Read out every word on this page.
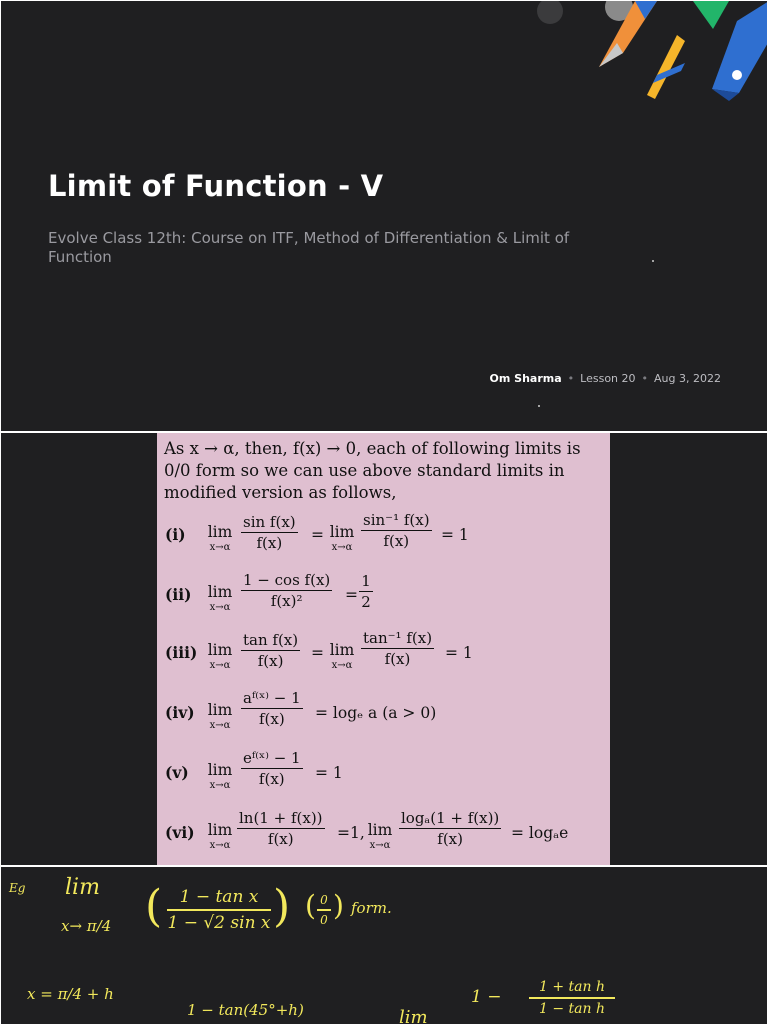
Limit of Function - V
Evolve Class 12th: Course on ITF, Method of Differentiation & Limit of Function
Om Sharma • Lesson 20 • Aug 3, 2022
As x → α, then, f(x) → 0, each of following limits is 0/0 form so we can use above standard limits in modified version as follows,
(i)	lim
x→α
sin f(x)
f(x)	= lim
x→α
sin⁻¹ f(x)
f(x)	= 1
(ii)	lim
x→α
1 − cos f(x)
f(x)²	=
1
2
(iii) lim
x→α
tan f(x)
f(x)	= lim
x→α
tan⁻¹ f(x)
f(x)	= 1
(iv) lim
x→α
aᶠ⁽ˣ⁾ − 1
f(x)	= logₑ a (a > 0)
(v)	lim
x→α
eᶠ⁽ˣ⁾ − 1
f(x)	= 1
(vi) lim
x→α
ln(1 + f(x))
f(x)	=1, lim
x→α
logₐ(1 + f(x))
f(x)	= logₐe
Eg lim
x→ π/4 (	1 − tan x
1 − √2 sin x ) ( 0
0 ) form.
x = π/4 + h
1 − tan(45°+h)	lim
1 −	1 + tan h
1 − tan h
